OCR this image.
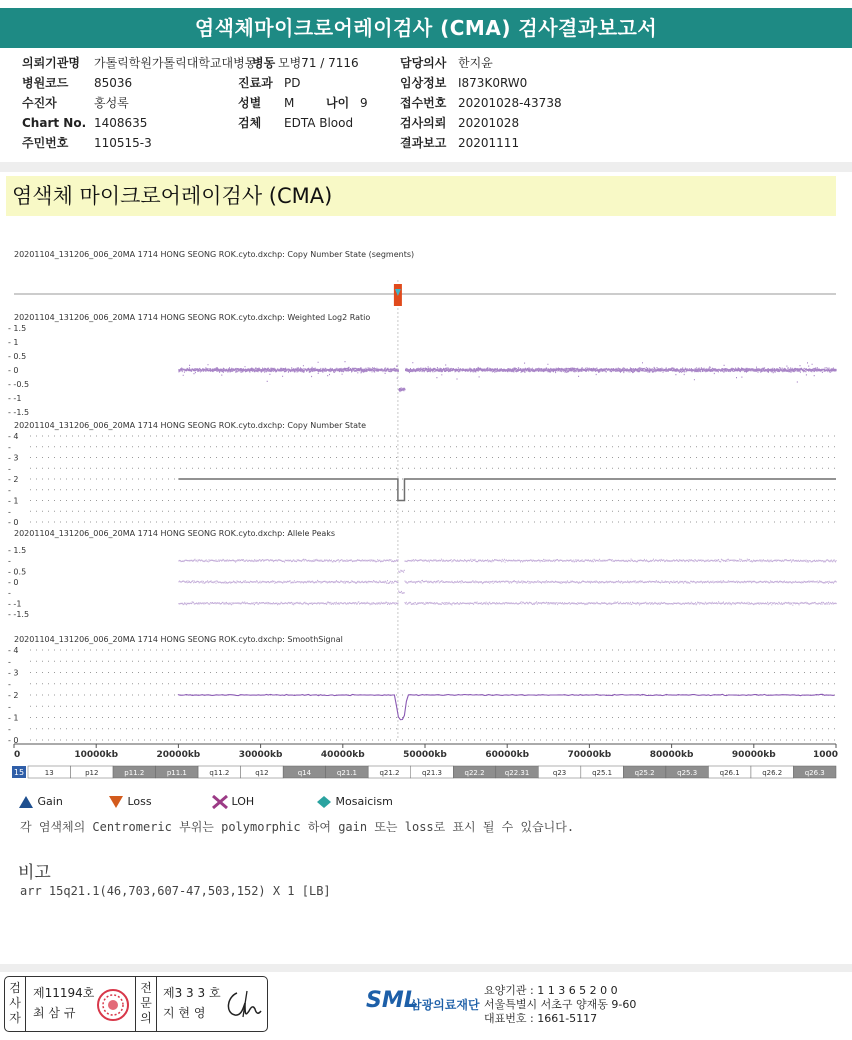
염색체마이크로어레이검사 (CMA) 검사결과보고서
의뢰기관명 가톨릭학원가톨릭대학교대병동
병동 모병71 / 7116
병원코드 85036	진료과 PD
수진자	홍성록	성별 M	나이 9
Chart No. 1408635	검체 EDTA Blood
주민번호 110515-3
담당의사 한지윤
임상정보 I873K0RW0
접수번호 20201028-43738
검사의뢰 20201028
결과보고 20201111
염색체 마이크로어레이검사 (CMA)
20201104_131206_006_20MA 1714 HONG SEONG ROK.cyto.dxchp: Copy Number State (segments)
20201104_131206_006_20MA 1714 HONG SEONG ROK.cyto.dxchp: Weighted Log2 Ratio
- 1.5
- 1
- 0.5
- 0
- -0.5
- -1
- -1.5
20201104_131206_006_20MA 1714 HONG SEONG ROK.cyto.dxchp: Copy Number State
- 4
-
- 3
-
- 2
-
- 1
-
- 0
20201104_131206_006_20MA 1714 HONG SEONG ROK.cyto.dxchp: Allele Peaks
- 1.5
-
- 0.5
- 0
-
- -1
- -1.5
20201104_131206_006_20MA 1714 HONG SEONG ROK.cyto.dxchp: SmoothSignal
- 4
-
- 3
-
- 2
-
- 1
-
- 0
0	10000kb	20000kb	30000kb	40000kb	50000kb	60000kb	70000kb	80000kb	90000kb	1000
15	13	p12	p11.2	p11.1	q11.2	q12	q14	q21.1	q21.2	q21.3	q22.2	q22.31	q23	q25.1	q25.2	q25.3	q26.1	q26.2	q26.3
Gain	Loss	LOH	Mosaicism
각 염색체의 Centromeric 부위는 polymorphic 하여 gain 또는 loss로 표시 될 수 있습니다.
비고
arr 15q21.1(46,703,607-47,503,152) X 1 [LB]
검
사
자
제11194호
최 삼 규
전
문
의
제3 3 3 호
지 현 영	SML
삼광의료재단
요양기관 : 1 1 3 6 5 2 0 0
서울특별시 서초구 양재동 9-60
대표번호 : 1661-5117
